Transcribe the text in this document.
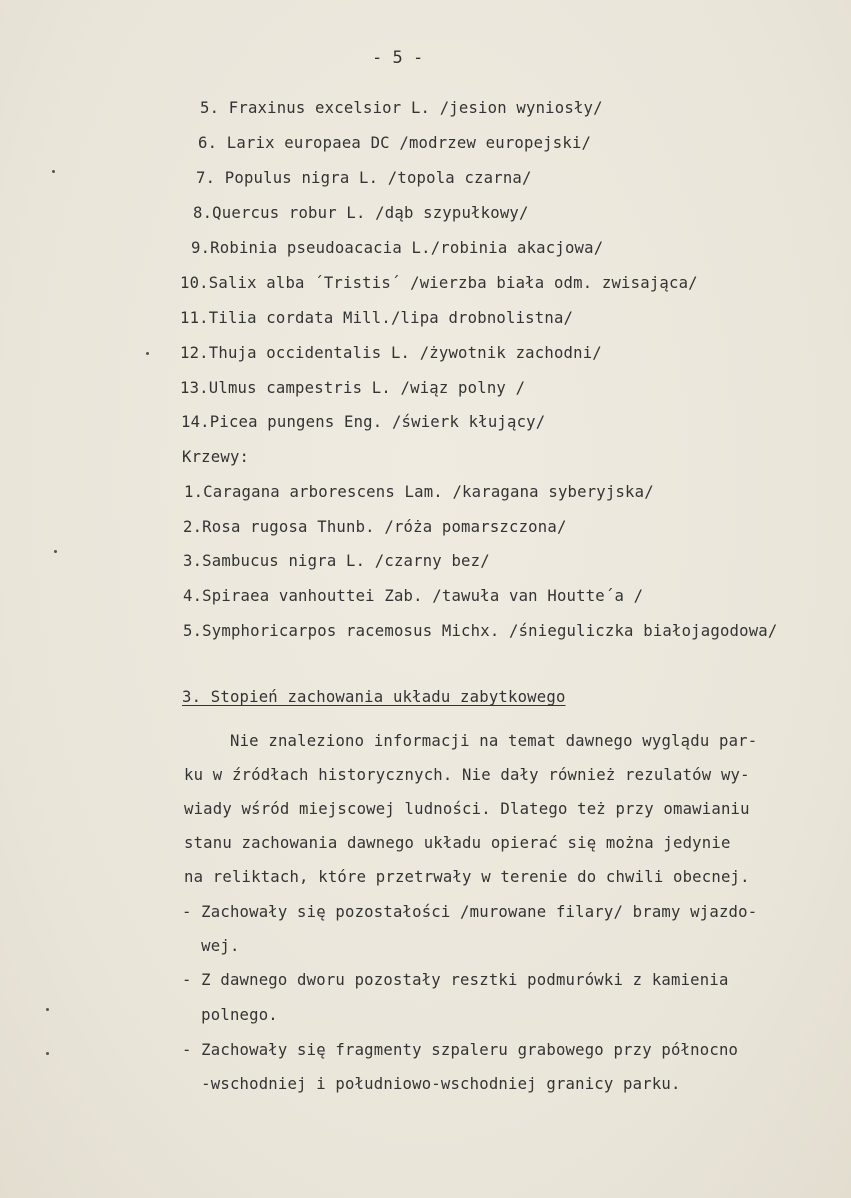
- 5 -
5. Fraxinus excelsior L. /jesion wyniosły/
6. Larix europaea DC /modrzew europejski/
7. Populus nigra L. /topola czarna/
8.Quercus robur L. /dąb szypułkowy/
9.Robinia pseudoacacia L./robinia akacjowa/
10.Salix alba ´Tristis´ /wierzba biała odm. zwisająca/
11.Tilia cordata Mill./lipa drobnolistna/
12.Thuja occidentalis L. /żywotnik zachodni/
13.Ulmus campestris L. /wiąz polny /
14.Picea pungens Eng. /świerk kłujący/
Krzewy:
1.Caragana arborescens Lam. /karagana syberyjska/
2.Rosa rugosa Thunb. /róża pomarszczona/
3.Sambucus nigra L. /czarny bez/
4.Spiraea vanhouttei Zab. /tawuła van Houtte´a /
5.Symphoricarpos racemosus Michx. /śnieguliczka białojagodowa/
3. Stopień zachowania układu zabytkowego
Nie znaleziono informacji na temat dawnego wyglądu par-
ku w źródłach historycznych. Nie dały również rezulatów wy-
wiady wśród miejscowej ludności. Dlatego też przy omawianiu
stanu zachowania dawnego układu opierać się można jedynie
na reliktach, które przetrwały w terenie do chwili obecnej.
- Zachowały się pozostałości /murowane filary/ bramy wjazdo-
wej.
- Z dawnego dworu pozostały resztki podmurówki z kamienia
polnego.
- Zachowały się fragmenty szpaleru grabowego przy północno
-wschodniej i południowo-wschodniej granicy parku.
